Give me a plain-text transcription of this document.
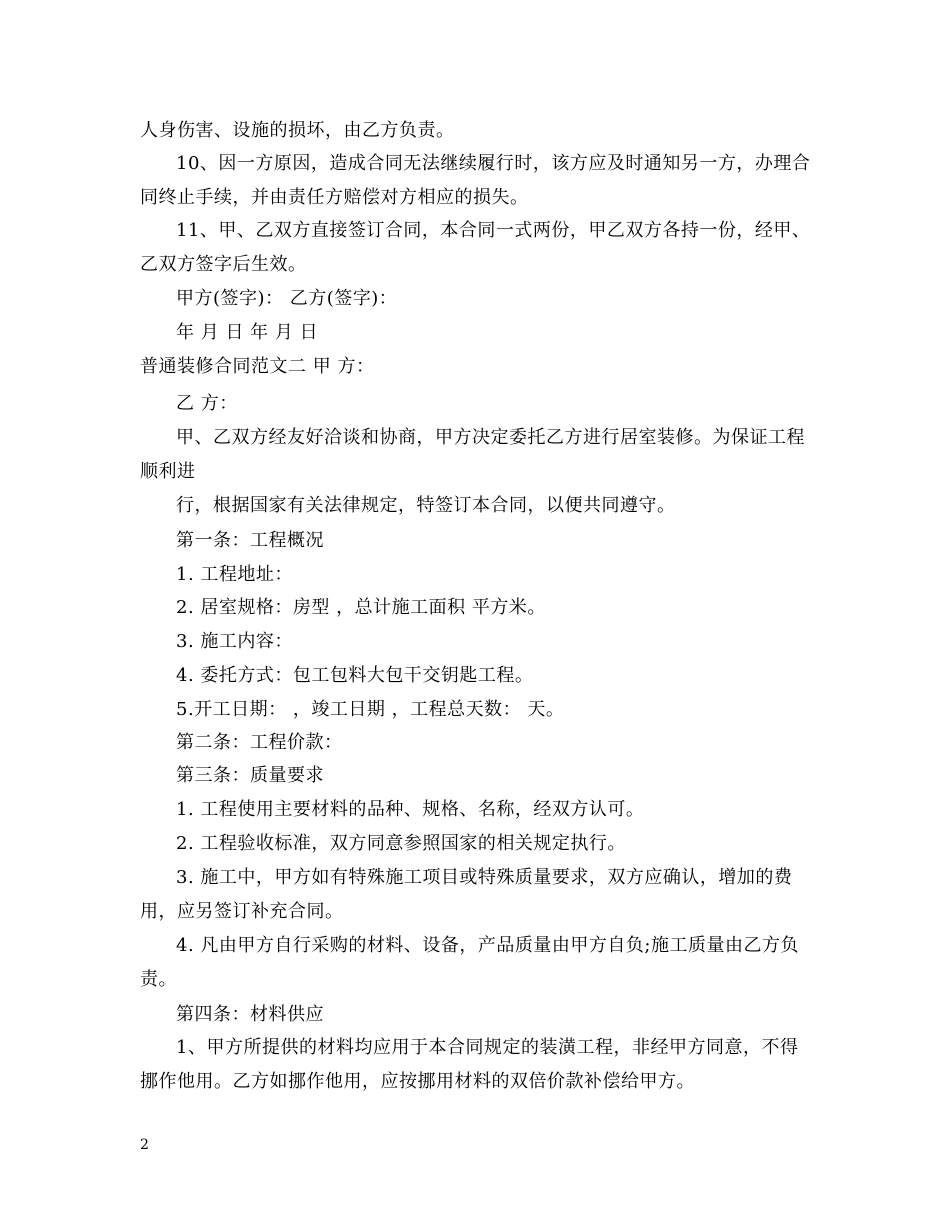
人身伤害、设施的损坏，由乙方负责。
10、因一方原因，造成合同无法继续履行时，该方应及时通知另一方，办理合
同终止手续，并由责任方赔偿对方相应的损失。
11、甲、乙双方直接签订合同，本合同一式两份，甲乙双方各持一份，经甲、
乙双方签字后生效。
甲方(签字)： 乙方(签字)：
年 月 日 年 月 日
普通装修合同范文二 甲 方：
乙 方：
甲、乙双方经友好洽谈和协商，甲方决定委托乙方进行居室装修。为保证工程
顺利进
行，根据国家有关法律规定，特签订本合同，以便共同遵守。
第一条：工程概况
1. 工程地址：
2. 居室规格：房型 ，总计施工面积 平方米。
3. 施工内容：
4. 委托方式：包工包料大包干交钥匙工程。
5.开工日期： ，竣工日期 ，工程总天数： 天。
第二条：工程价款：
第三条：质量要求
1. 工程使用主要材料的品种、规格、名称，经双方认可。
2. 工程验收标准，双方同意参照国家的相关规定执行。
3. 施工中，甲方如有特殊施工项目或特殊质量要求，双方应确认，增加的费
用，应另签订补充合同。
4. 凡由甲方自行采购的材料、设备，产品质量由甲方自负;施工质量由乙方负
责。
第四条：材料供应
1、甲方所提供的材料均应用于本合同规定的装潢工程，非经甲方同意，不得
挪作他用。乙方如挪作他用，应按挪用材料的双倍价款补偿给甲方。
2
